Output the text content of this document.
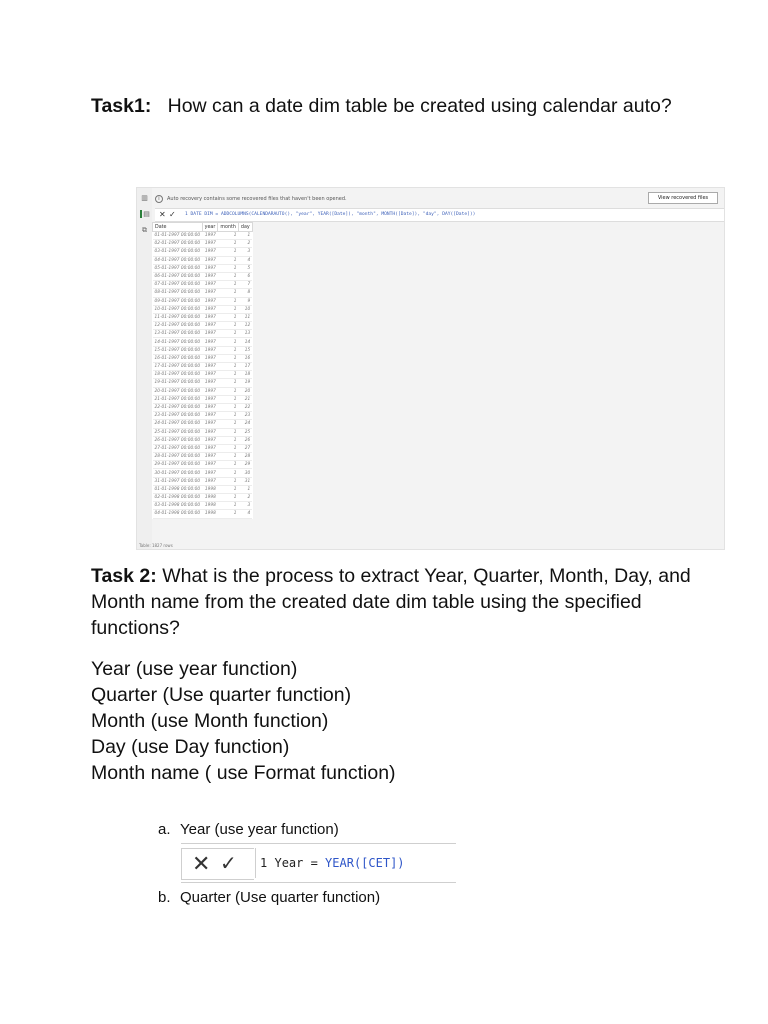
Task1: How can a date dim table be created using calendar auto?
▥
▤
⧉
i Auto recovery contains some recovered files that haven't been opened.	View recovered files
✕ ✓ 1 DATE DIM = ADDCOLUMNS(CALENDARAUTO(), "year", YEAR([Date]), "month", MONTH([Date]), "day", DAY([Date]))
Date	year	month	day
01-01-1997 00:00:00	1997	1	1
02-01-1997 00:00:00	1997	1	2
03-01-1997 00:00:00	1997	1	3
04-01-1997 00:00:00	1997	1	4
05-01-1997 00:00:00	1997	1	5
06-01-1997 00:00:00	1997	1	6
07-01-1997 00:00:00	1997	1	7
08-01-1997 00:00:00	1997	1	8
09-01-1997 00:00:00	1997	1	9
10-01-1997 00:00:00	1997	1	10
11-01-1997 00:00:00	1997	1	11
12-01-1997 00:00:00	1997	1	12
13-01-1997 00:00:00	1997	1	13
14-01-1997 00:00:00	1997	1	14
15-01-1997 00:00:00	1997	1	15
16-01-1997 00:00:00	1997	1	16
17-01-1997 00:00:00	1997	1	17
18-01-1997 00:00:00	1997	1	18
19-01-1997 00:00:00	1997	1	19
20-01-1997 00:00:00	1997	1	20
21-01-1997 00:00:00	1997	1	21
22-01-1997 00:00:00	1997	1	22
23-01-1997 00:00:00	1997	1	23
24-01-1997 00:00:00	1997	1	24
25-01-1997 00:00:00	1997	1	25
26-01-1997 00:00:00	1997	1	26
27-01-1997 00:00:00	1997	1	27
28-01-1997 00:00:00	1997	1	28
29-01-1997 00:00:00	1997	1	29
30-01-1997 00:00:00	1997	1	30
31-01-1997 00:00:00	1997	1	31
01-01-1998 00:00:00	1998	1	1
02-01-1998 00:00:00	1998	1	2
03-01-1998 00:00:00	1998	1	3
04-01-1998 00:00:00	1998	1	4
Table: 1827 rows
Task 2: What is the process to extract Year, Quarter, Month, Day, and Month name from the created date dim table using the specified functions?
Year (use year function)
Quarter (Use quarter function)
Month (use Month function)
Day (use Day function)
Month name ( use Format function)
a. Year (use year function)
✕ ✓	1 Year = YEAR([CET])
b. Quarter (Use quarter function)
